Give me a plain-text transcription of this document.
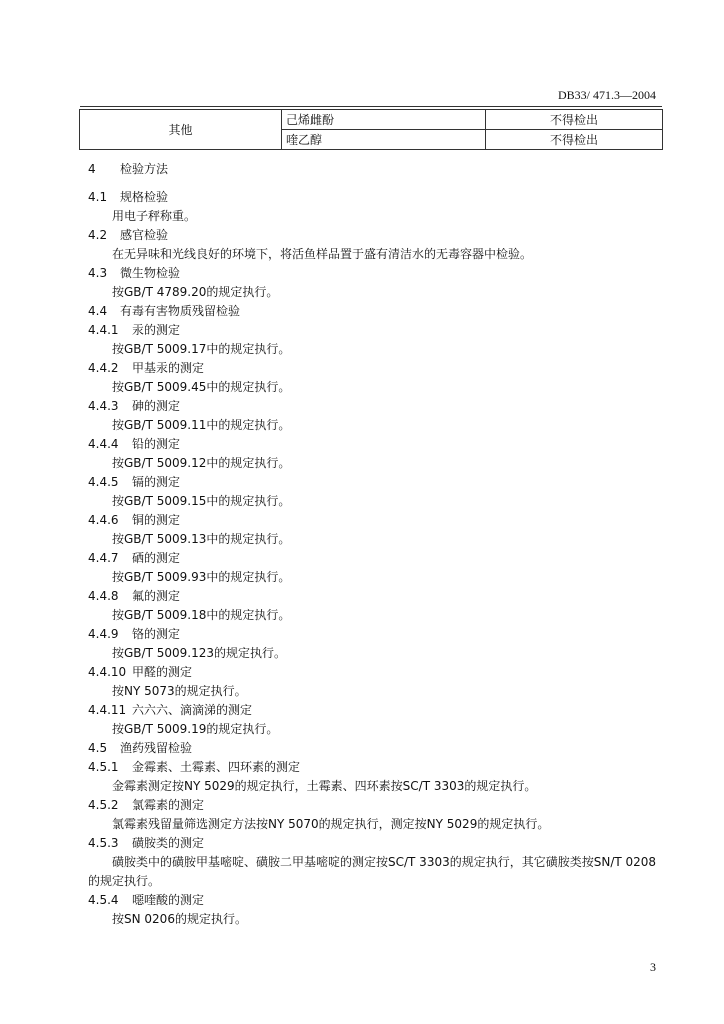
DB33/ 471.3—2004
其他	己烯雌酚	不得检出
	喹乙醇	不得检出
4 检验方法
4.1 规格检验
用电子秤称重。
4.2 感官检验
在无异味和光线良好的环境下，将活鱼样品置于盛有清洁水的无毒容器中检验。
4.3 微生物检验
按GB/T 4789.20的规定执行。
4.4 有毒有害物质残留检验
4.4.1 汞的测定
按GB/T 5009.17中的规定执行。
4.4.2 甲基汞的测定
按GB/T 5009.45中的规定执行。
4.4.3 砷的测定
按GB/T 5009.11中的规定执行。
4.4.4 铅的测定
按GB/T 5009.12中的规定执行。
4.4.5 镉的测定
按GB/T 5009.15中的规定执行。
4.4.6 铜的测定
按GB/T 5009.13中的规定执行。
4.4.7 硒的测定
按GB/T 5009.93中的规定执行。
4.4.8 氟的测定
按GB/T 5009.18中的规定执行。
4.4.9 铬的测定
按GB/T 5009.123的规定执行。
4.4.10 甲醛的测定
按NY 5073的规定执行。
4.4.11 六六六、滴滴涕的测定
按GB/T 5009.19的规定执行。
4.5 渔药残留检验
4.5.1 金霉素、土霉素、四环素的测定
金霉素测定按NY 5029的规定执行，土霉素、四环素按SC/T 3303的规定执行。
4.5.2 氯霉素的测定
氯霉素残留量筛选测定方法按NY 5070的规定执行，测定按NY 5029的规定执行。
4.5.3 磺胺类的测定
磺胺类中的磺胺甲基嘧啶、磺胺二甲基嘧啶的测定按SC/T 3303的规定执行，其它磺胺类按SN/T 0208的规定执行。
4.5.4 噁喹酸的测定
按SN 0206的规定执行。
3
